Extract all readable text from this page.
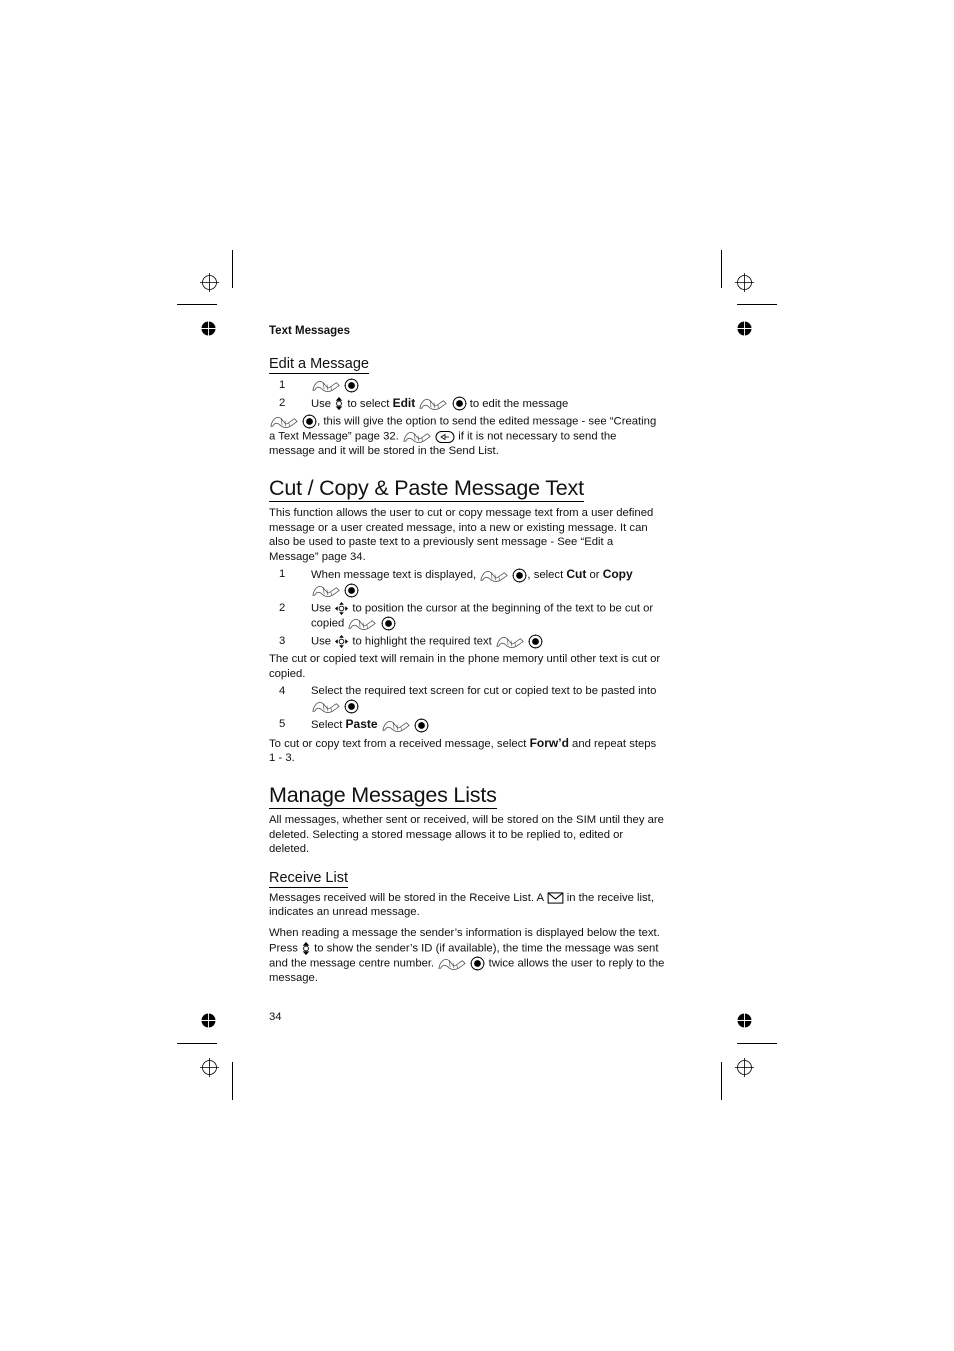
Text Messages
Edit a Message
1

2 Use to select Edit
	to edit the message

, this will give the option to send the edited message - see “Creating a Text Message” page 32.
	if it is not necessary to send the message and it will be stored in the Send List.

Cut / Copy & Paste Message Text

This function allows the user to cut or copy message text from a user defined message or a user created message, into a new or existing message. It can also be used to paste text to a previously sent message - See “Edit a Message” page 34.

1 When message text is displayed,
	, select Cut or Copy

2 Use to position the cursor at the beginning of the text to be cut or copied

3 Use to highlight the required text

The cut or copied text will remain in the phone memory until other text is cut or copied.

4 Select the required text screen for cut or copied text to be pasted into

5 Select Paste

To cut or copy text from a received message, select Forw’d and repeat steps 1 - 3.

Manage Messages Lists

All messages, whether sent or received, will be stored on the SIM until they are deleted. Selecting a stored message allows it to be replied to, edited or deleted.

Receive List

Messages received will be stored in the Receive List. A in the receive list, indicates an unread message.

When reading a message the sender’s information is displayed below the text. Press to show the sender’s ID (if available), the time the message was sent and the message centre number.
	twice allows the user to reply to the message.

34
